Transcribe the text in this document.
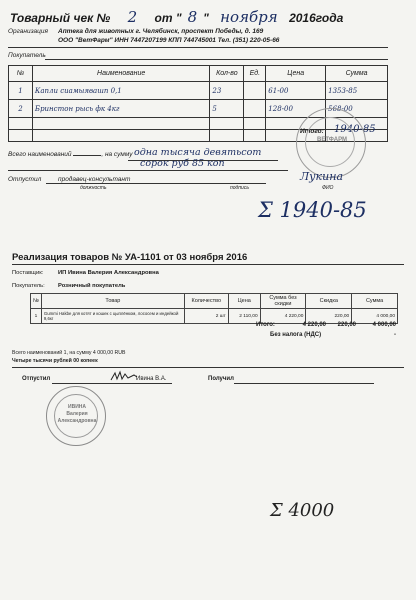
Товарный чек № 2 от " 8 " ноября 2016года
Организация Аптека для животных г. Челябинск, проспект Победы, д. 169
ООО "ВетФарм" ИНН 7447207199 КПП 744745001 Тел. (351) 220-05-66
Покупатель
№	Наименование	Кол-во	Ед.	Цена	Сумма
1	Капли сиамыявашп 0,1	23		61-00	1353-85
2	Бринстон рысь фк 4кг	5		128-00	568-00

Итого: 1940-85
ВЕТФАРМ
Всего наименований	, на сумму одна тысяча девятьсот
сорок руб 85 коп
Отпустил	продавец-консультант
должность	подпись	ФИО
Лукина
Σ 1940-85
Реализация товаров № УА-1101 от 03 ноября 2016
Поставщик:	ИП Ивина Валерия Александровна
Покупатель: Розничный покупатель
№	Товар	Количество	Цена	Сумма без скидки	Скидка	Сумма
1	Gummi Hakbe для котят и кошек с цыплёнком, лососем и индейкой 9,6кг	2 шт	2 110,00	4 220,00	220,00	4 000,00
Итого:	4 220,00	220,00	4 000,00
Без налога (НДС)	-
Всего наименований 1, на сумму 4 000,00 RUB
Четыре тысячи рублей 00 копеек
Отпустил	Ивина В.А.	Получил
ИВИНА
Валерия
Александровна
Σ 4000
